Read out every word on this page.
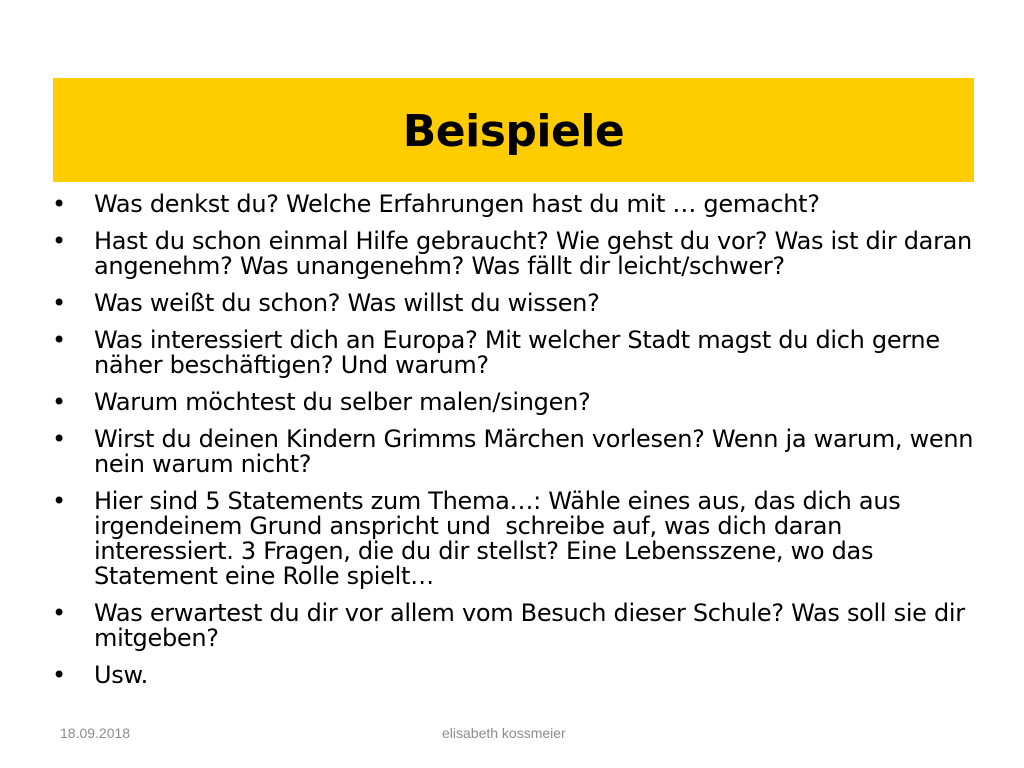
Beispiele
• Was denkst du? Welche Erfahrungen hast du mit … gemacht?
• Hast du schon einmal Hilfe gebraucht? Wie gehst du vor? Was ist dir daran angenehm? Was unangenehm? Was fällt dir leicht/schwer?
• Was weißt du schon? Was willst du wissen?
• Was interessiert dich an Europa? Mit welcher Stadt magst du dich gerne näher beschäftigen? Und warum?
• Warum möchtest du selber malen/singen?
• Wirst du deinen Kindern Grimms Märchen vorlesen? Wenn ja warum, wenn nein warum nicht?
• Hier sind 5 Statements zum Thema…: Wähle eines aus, das dich aus irgendeinem Grund anspricht und  schreibe auf, was dich daran interessiert. 3 Fragen, die du dir stellst? Eine Lebensszene, wo das Statement eine Rolle spielt…
• Was erwartest du dir vor allem vom Besuch dieser Schule? Was soll sie dir mitgeben?
• Usw.
18.09.2018	elisabeth kossmeier
